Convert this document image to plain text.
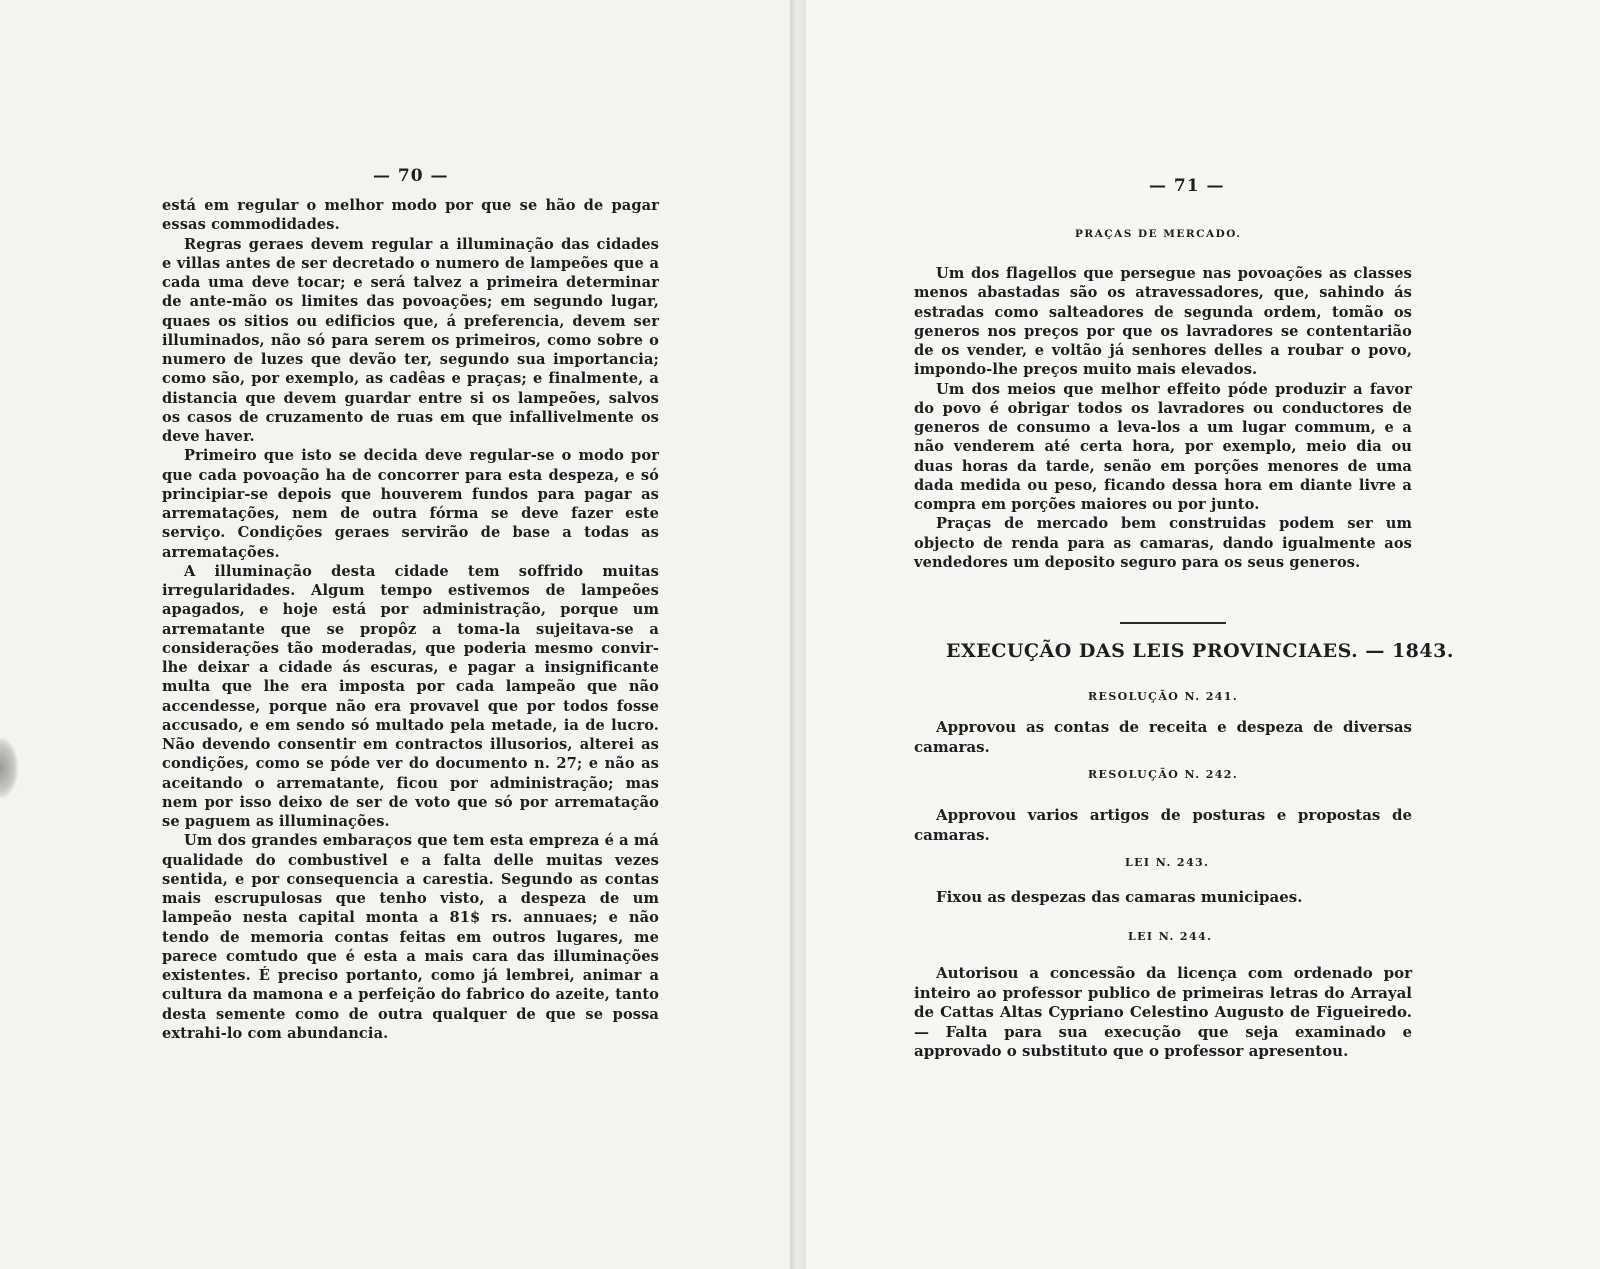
— 70 —

está em regular o melhor modo por que se hão de pagar essas commodidades.

Regras geraes devem regular a illuminação das cidades e villas antes de ser decretado o numero de lampeões que a cada uma deve tocar; e será talvez a primeira determinar de ante-mão os limites das povoações; em segundo lugar, quaes os sitios ou edificios que, á preferencia, devem ser illuminados, não só para serem os primeiros, como sobre o numero de luzes que devão ter, segundo sua importancia; como são, por exemplo, as cadêas e praças; e finalmente, a distancia que devem guardar entre si os lampeões, salvos os casos de cruzamento de ruas em que infallivelmente os deve haver.

Primeiro que isto se decida deve regular-se o modo por que cada povoação ha de concorrer para esta despeza, e só principiar-se depois que houverem fundos para pagar as arrematações, nem de outra fórma se deve fazer este serviço. Condições geraes servirão de base a todas as arrematações.

A illuminação desta cidade tem soffrido muitas irregularidades. Algum tempo estivemos de lampeões apagados, e hoje está por administração, porque um arrematante que se propôz a toma-la sujeitava-se a considerações tão moderadas, que poderia mesmo convir-lhe deixar a cidade ás escuras, e pagar a insignificante multa que lhe era imposta por cada lampeão que não accendesse, porque não era provavel que por todos fosse accusado, e em sendo só multado pela metade, ia de lucro. Não devendo consentir em contractos illusorios, alterei as condições, como se póde ver do documento n. 27; e não as aceitando o arrematante, ficou por administração; mas nem por isso deixo de ser de voto que só por arrematação se paguem as illuminações.

Um dos grandes embaraços que tem esta empreza é a má qualidade do combustivel e a falta delle muitas vezes sentida, e por consequencia a carestia. Segundo as contas mais escrupulosas que tenho visto, a despeza de um lampeão nesta capital monta a 81$ rs. annuaes; e não tendo de memoria contas feitas em outros lugares, me parece comtudo que é esta a mais cara das illuminações existentes. É preciso portanto, como já lembrei, animar a cultura da mamona e a perfeição do fabrico do azeite, tanto desta semente como de outra qualquer de que se possa extrahi-lo com abundancia.

— 71 —
PRAÇAS DE MERCADO.

Um dos flagellos que persegue nas povoações as classes menos abastadas são os atravessadores, que, sahindo ás estradas como salteadores de segunda ordem, tomão os generos nos preços por que os lavradores se contentarião de os vender, e voltão já senhores delles a roubar o povo, impondo-lhe preços muito mais elevados.

Um dos meios que melhor effeito póde produzir a favor do povo é obrigar todos os lavradores ou conductores de generos de consumo a leva-los a um lugar commum, e a não venderem até certa hora, por exemplo, meio dia ou duas horas da tarde, senão em porções menores de uma dada medida ou peso, ficando dessa hora em diante livre a compra em porções maiores ou por junto.

Praças de mercado bem construidas podem ser um objecto de renda para as camaras, dando igualmente aos vendedores um deposito seguro para os seus generos.

EXECUÇÃO DAS LEIS PROVINCIAES. — 1843.
RESOLUÇÃO N. 241.

Approvou as contas de receita e despeza de diversas camaras.

RESOLUÇÃO N. 242.

Approvou varios artigos de posturas e propostas de camaras.

LEI N. 243.

Fixou as despezas das camaras municipaes.

LEI N. 244.

Autorisou a concessão da licença com ordenado por inteiro ao professor publico de primeiras letras do Arrayal de Cattas Altas Cypriano Celestino Augusto de Figueiredo. — Falta para sua execução que seja examinado e approvado o substituto que o professor apresentou.
